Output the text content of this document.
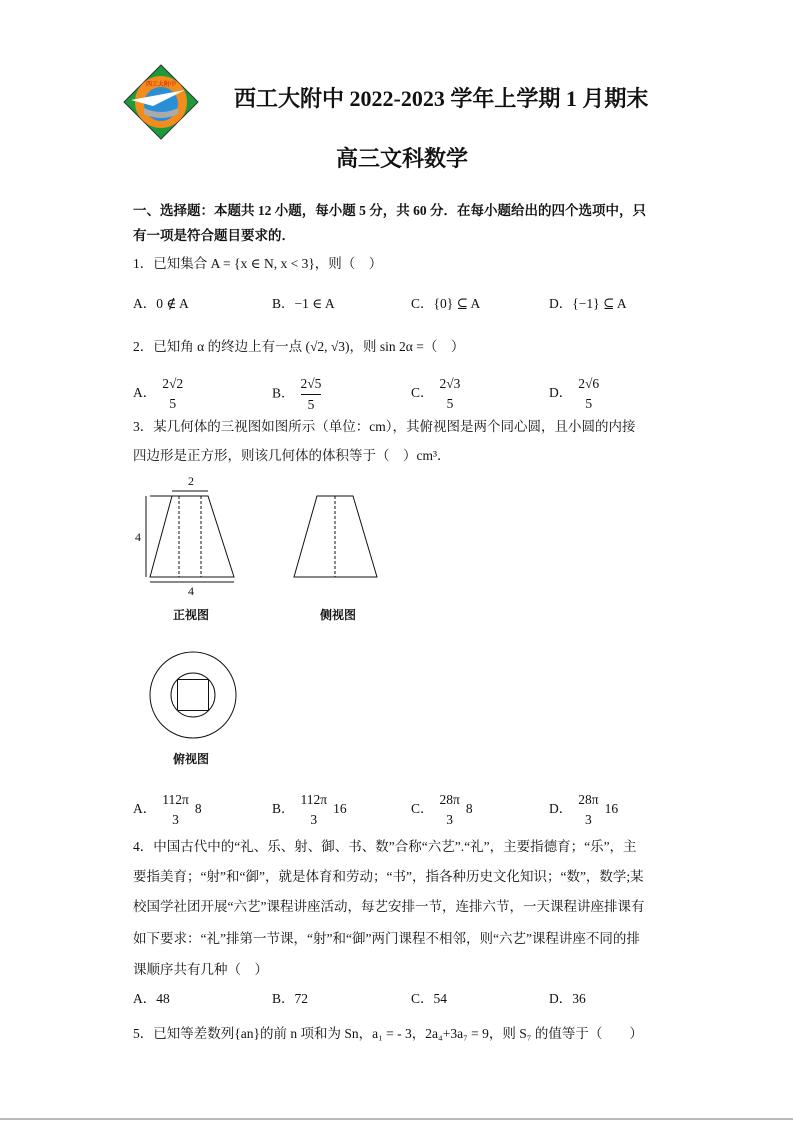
西工大附中
西工大附中 2022-2023 学年上学期 1 月期末
高三文科数学
一、选择题：本题共 12 小题，每小题 5 分，共 60 分．在每小题给出的四个选项中，只
有一项是符合题目要求的．
1．已知集合 A = {x ∈ N, x < 3}，则（　）
A．0 ∉ A	B．−1 ∈ A	C．{0} ⊆ A	D．{−1} ⊆ A
2．已知角 α 的终边上有一点 (√2, √3)，则 sin 2α =（　）
A．
2√2
5
B． $\frac{2√5}{5}$	C．
2√3
5
D．
2√6
5
3．某几何体的三视图如图所示（单位：cm），其俯视图是两个同心圆，且小圆的内接
四边形是正方形，则该几何体的体积等于（　）cm³．
2
4
4
正视图	侧视图
俯视图
A．
112π
3
8	B．
112π
3
16	C．
28π
3
8	D．
28π
3
16
4．中国古代中的“礼、乐、射、御、书、数”合称“六艺”.“礼”，主要指德育；“乐”，主
要指美育；“射”和“御”，就是体育和劳动；“书”，指各种历史文化知识；“数”，数学;某
校国学社团开展“六艺”课程讲座活动，每艺安排一节，连排六节，一天课程讲座排课有
如下要求：“礼”排第一节课，“射”和“御”两门课程不相邻，则“六艺”课程讲座不同的排
课顺序共有几种（　）
A．48	B．72	C．54	D．36
5．已知等差数列{an}的前 n 项和为 Sn，a₁ = - 3，2a₄+3a₇ = 9，则 S₇ 的值等于（　　）
